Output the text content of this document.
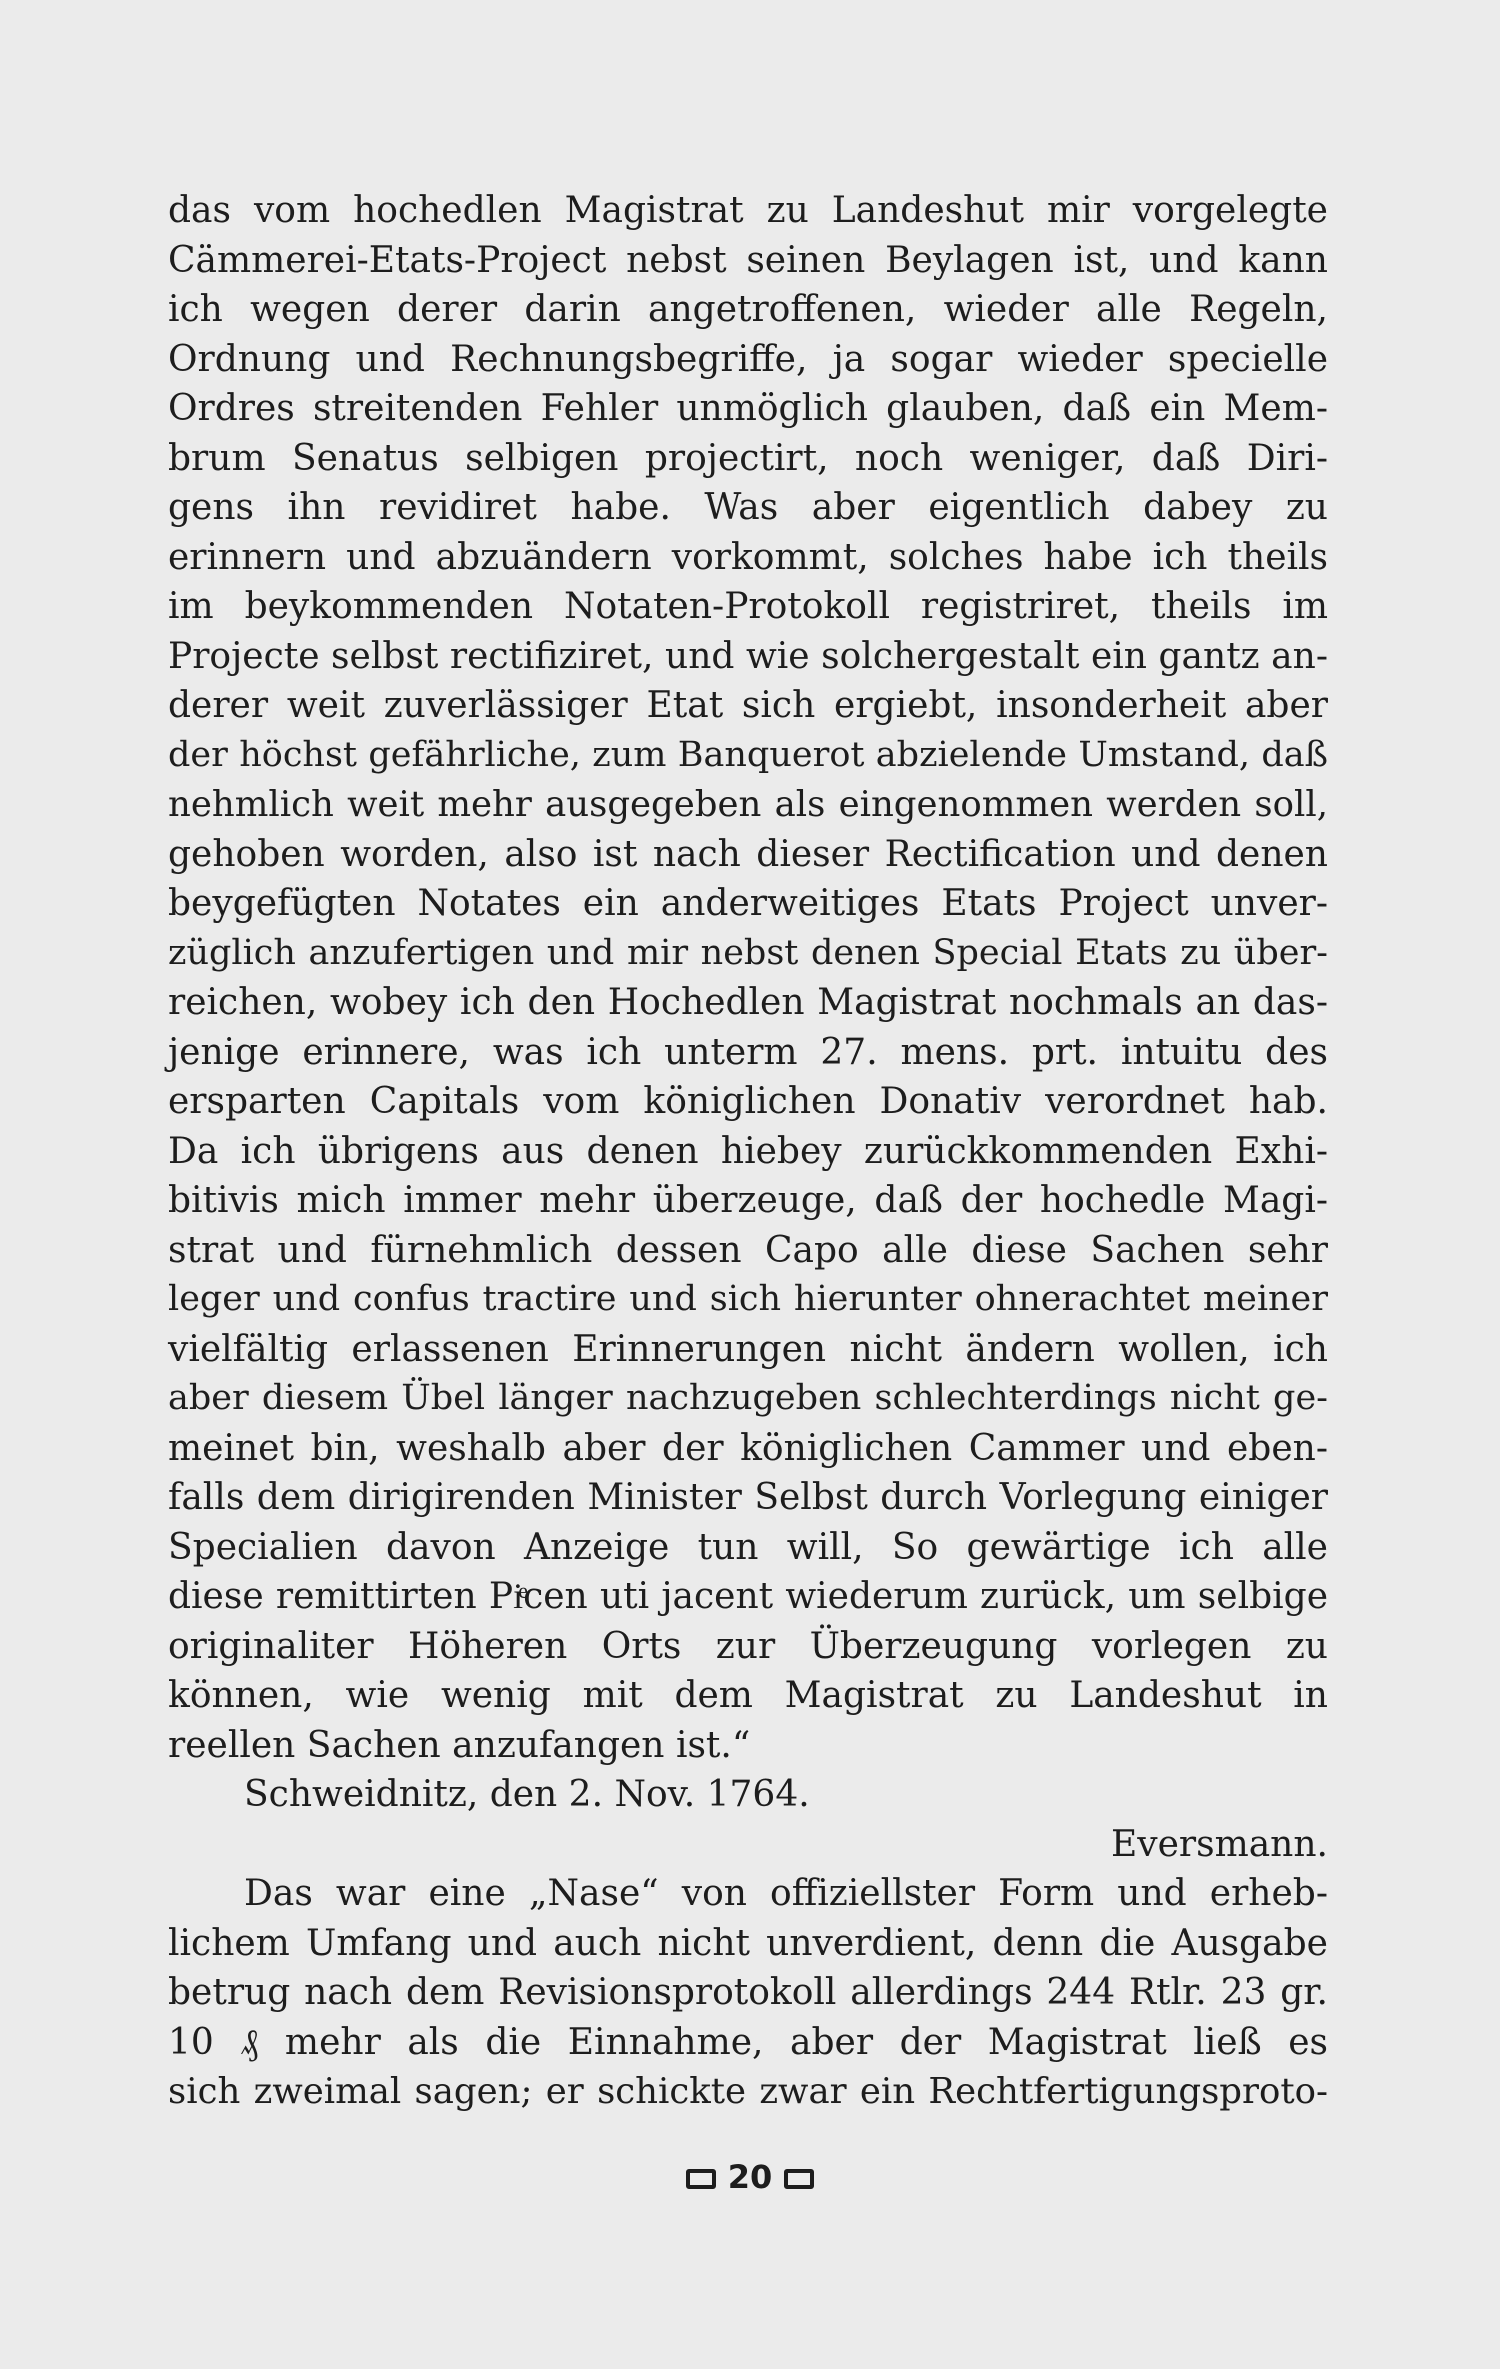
das vom hochedlen Magistrat zu Landeshut mir vorgelegte
Cämmerei-Etats-Project nebst seinen Beylagen ist, und kann
ich wegen derer darin angetroffenen, wieder alle Regeln,
Ordnung und Rechnungsbegriffe, ja sogar wieder specielle
Ordres streitenden Fehler unmöglich glauben, daß ein Mem-
brum Senatus selbigen projectirt, noch weniger, daß Diri-
gens ihn revidiret habe. Was aber eigentlich dabey zu
erinnern und abzuändern vorkommt, solches habe ich theils
im beykommenden Notaten-Protokoll registriret, theils im
Projecte selbst rectifiziret, und wie solchergestalt ein gantz an-
derer weit zuverlässiger Etat sich ergiebt, insonderheit aber
der höchst gefährliche, zum Banquerot abzielende Umstand, daß
nehmlich weit mehr ausgegeben als eingenommen werden soll,
gehoben worden, also ist nach dieser Rectification und denen
beygefügten Notates ein anderweitiges Etats Project unver-
züglich anzufertigen und mir nebst denen Special Etats zu über-
reichen, wobey ich den Hochedlen Magistrat nochmals an das-
jenige erinnere, was ich unterm 27. mens. prt. intuitu des
ersparten Capitals vom königlichen Donativ verordnet hab.
Da ich übrigens aus denen hiebey zurückkommenden Exhi-
bitivis mich immer mehr überzeuge, daß der hochedle Magi-
strat und fürnehmlich dessen Capo alle diese Sachen sehr
leger und confus tractire und sich hierunter ohnerachtet meiner
vielfältig erlassenen Erinnerungen nicht ändern wollen, ich
aber diesem Übel länger nachzugeben schlechterdings nicht ge-
meinet bin, weshalb aber der königlichen Cammer und eben-
falls dem dirigirenden Minister Selbst durch Vorlegung einiger
Specialien davon Anzeige tun will, So gewärtige ich alle
diese remittirten Piͤcen uti jacent wiederum zurück, um selbige
originaliter Höheren Orts zur Überzeugung vorlegen zu
können, wie wenig mit dem Magistrat zu Landeshut in
reellen Sachen anzufangen ist.“
Schweidnitz, den 2. Nov. 1764.
Eversmann.
Das war eine „Nase“ von offiziellster Form und erheb-
lichem Umfang und auch nicht unverdient, denn die Ausgabe
betrug nach dem Revisionsprotokoll allerdings 244 Rtlr. 23 gr.
10 ₰ mehr als die Einnahme, aber der Magistrat ließ es
sich zweimal sagen; er schickte zwar ein Rechtfertigungsproto-
20
